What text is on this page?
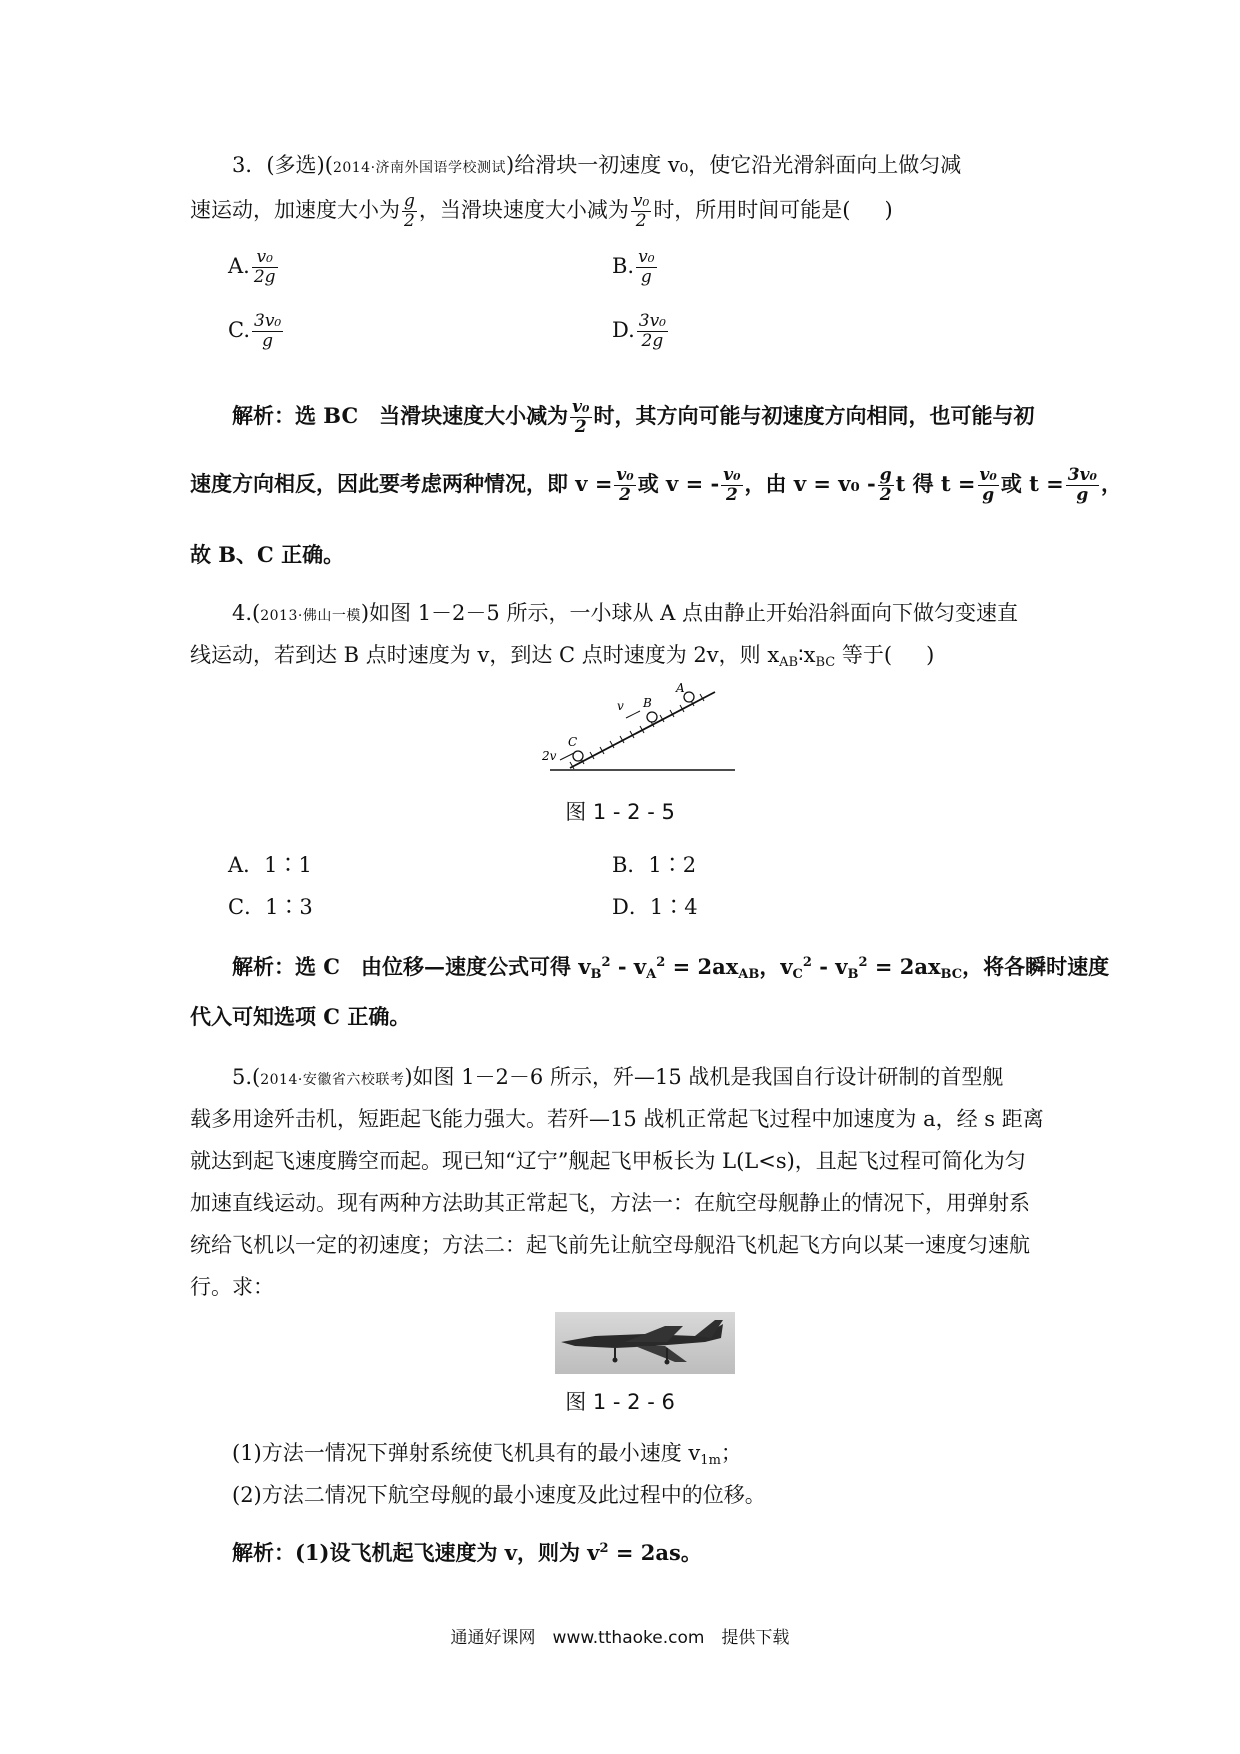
3．(多选)(2014·济南外国语学校测试)给滑块一初速度 v₀，使它沿光滑斜面向上做匀减
速运动，加速度大小为 $\frac{g}{2}$ ，当滑块速度大小减为 $\frac{\text{v₀}}{2}$ 时，所用时间可能是( )
A. $\frac{\text{v₀}}{2g}$	B. $\frac{\text{v₀}}{g}$
C. $\frac{\text{3v₀}}{g}$	D. $\frac{\text{3v₀}}{2g}$
解析：选 BC　当滑块速度大小减为 $\frac{\text{v₀}}{2}$ 时，其方向可能与初速度方向相同，也可能与初
速度方向相反，因此要考虑两种情况，即 $v = \frac{\text{v₀}}{2}$ 或 v = - $\frac{\text{v₀}}{2}$ ，由 $v = v_0 - \frac{g}{2}$ t 得 $t = \frac{\text{v₀}}{g}$ 或 $t = \frac{\text{3v₀}}{g}$ ，
故 B、C 正确。
4.(2013·佛山一模)如图 1－2－5 所示，一小球从 A 点由静止开始沿斜面向下做匀变速直
线运动，若到达 B 点时速度为 v，到达 C 点时速度为 2v，则 $x_{AB}∶x_{BC}$ 等于( )
v B
A
2v
C
图 1 - 2 - 5
A．1∶1	B．1∶2
C．1∶3	D．1∶4
解析：选 C　由位移—速度公式可得 $v_B^2 - v_A^2 = 2ax_{AB}$，$v_C^2 - v_B^2 = 2ax_{BC}$，将各瞬时速度
代入可知选项 C 正确。
5.(2014·安徽省六校联考)如图 1－2－6 所示，歼—15 战机是我国自行设计研制的首型舰
载多用途歼击机，短距起飞能力强大。若歼—15 战机正常起飞过程中加速度为 a，经 s 距离
就达到起飞速度腾空而起。现已知“辽宁”舰起飞甲板长为 L(L<s)，且起飞过程可简化为匀
加速直线运动。现有两种方法助其正常起飞，方法一：在航空母舰静止的情况下，用弹射系
统给飞机以一定的初速度；方法二：起飞前先让航空母舰沿飞机起飞方向以某一速度匀速航
行。求：
图 1 - 2 - 6
(1)方法一情况下弹射系统使飞机具有的最小速度 $v_{1m}$；
(2)方法二情况下航空母舰的最小速度及此过程中的位移。
解析：(1)设飞机起飞速度为 v，则为 $v^2 = 2as$。
通通好课网　www.tthaoke.com　提供下载
